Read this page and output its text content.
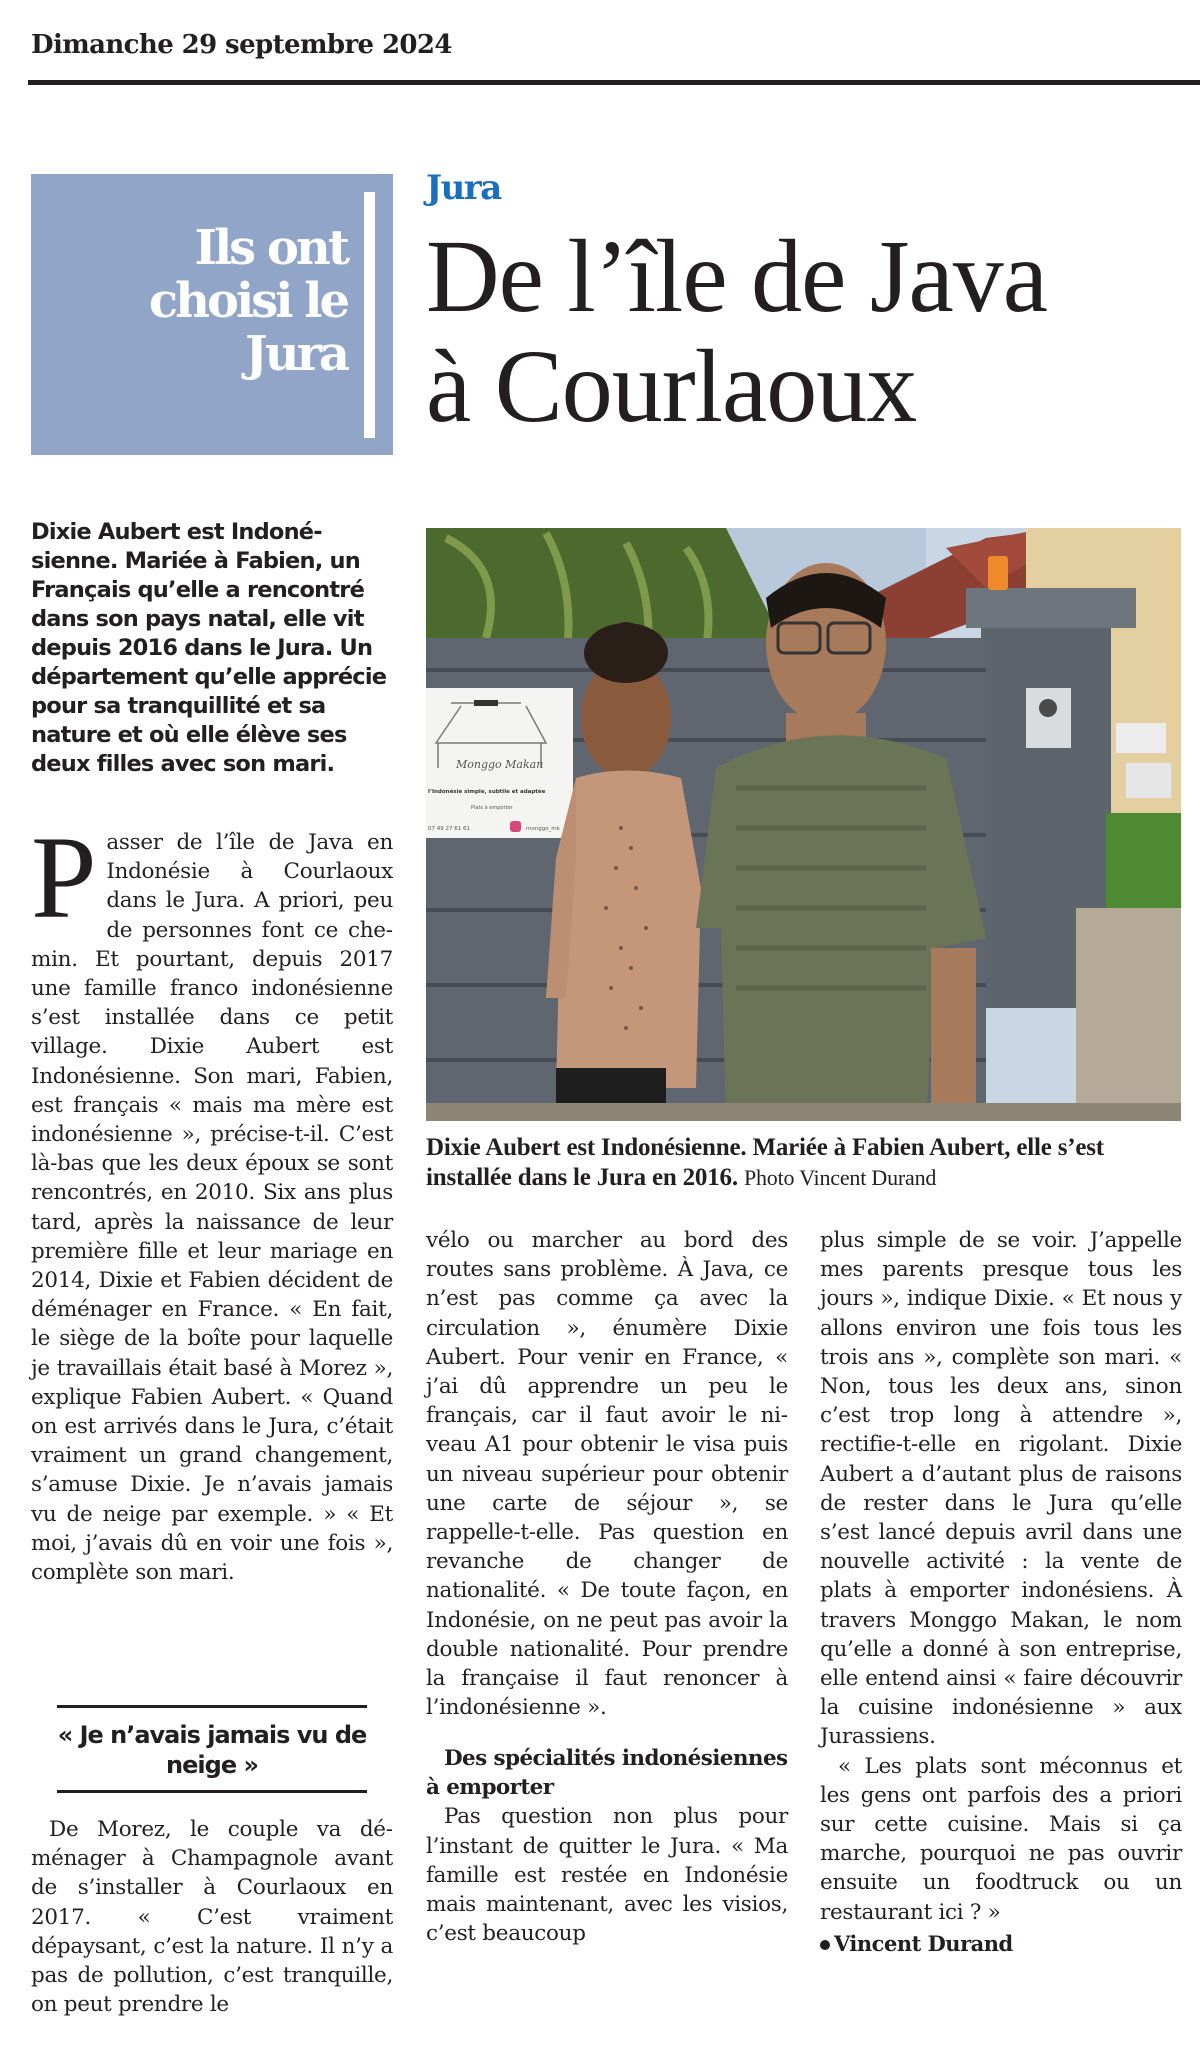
Dimanche 29 septembre 2024
Ils ont
choisi le
Jura
Jura
De l’île de Java
à Courlaoux
Dixie Aubert est Indonésienne. Mariée à Fabien, un Français qu’elle a rencontré dans son pays natal, elle vit depuis 2016 dans le Jura. Un département qu’elle apprécie pour sa tranquillité et sa nature et où elle élève ses deux filles avec son mari.
P asser de l’île de Java en Indonésie à Courlaoux dans le Jura. A priori, peu de personnes font ce chemin. Et pourtant, depuis 2017 une famille franco indonésienne s’est installée dans ce petit village. Dixie Aubert est Indonésienne. Son mari, Fabien, est français « mais ma mère est indonésienne », précise-t-il. C’est là-bas que les deux époux se sont rencontrés, en 2010. Six ans plus tard, après la naissance de leur première fille et leur mariage en 2014, Dixie et Fabien décident de déménager en France. « En fait, le siège de la boîte pour laquelle je travaillais était basé à Morez », explique Fabien Aubert. « Quand on est arrivés dans le Jura, c’était vraiment un grand changement, s’amuse Dixie. Je n’avais jamais vu de neige par exemple. » « Et moi, j’avais dû en voir une fois », complète son mari.
« Je n’avais jamais vu de neige »
De Morez, le couple va déménager à Champagnole avant de s’installer à Courlaoux en 2017. « C’est vraiment dépaysant, c’est la nature. Il n’y a pas de pollution, c’est tranquille, on peut prendre le
Monggo Makan
l’Indonésie simple, subtile et adaptée
Plats à emporter
07 49 27 61 61	monggo_mk
Dixie Aubert est Indonésienne. Mariée à Fabien Aubert, elle s’est installée dans le Jura en 2016. Photo Vincent Durand
vélo ou marcher au bord des routes sans problème. À Java, ce n’est pas comme ça avec la circulation », énumère Dixie Aubert. Pour venir en France, « j’ai dû apprendre un peu le français, car il faut avoir le niveau A1 pour obtenir le visa puis un niveau supérieur pour obtenir une carte de séjour », se rappelle-t-elle. Pas question en revanche de changer de nationalité. « De toute façon, en Indonésie, on ne peut pas avoir la double nationalité. Pour prendre la française il faut renoncer à l’indonésienne ».
Des spécialités indonésiennes à emporter
Pas question non plus pour l’instant de quitter le Jura. « Ma famille est restée en Indonésie mais maintenant, avec les visios, c’est beaucoup
plus simple de se voir. J’appelle mes parents presque tous les jours », indique Dixie. « Et nous y allons environ une fois tous les trois ans », complète son mari. « Non, tous les deux ans, sinon c’est trop long à attendre », rectifie-t-elle en rigolant. Dixie Aubert a d’autant plus de raisons de rester dans le Jura qu’elle s’est lancé depuis avril dans une nouvelle activité : la vente de plats à emporter indonésiens. À travers Monggo Makan, le nom qu’elle a donné à son entreprise, elle entend ainsi « faire découvrir la cuisine indonésienne » aux Jurassiens.
« Les plats sont méconnus et les gens ont parfois des a priori sur cette cuisine. Mais si ça marche, pourquoi ne pas ouvrir ensuite un foodtruck ou un restaurant ici ? »
Vincent Durand
